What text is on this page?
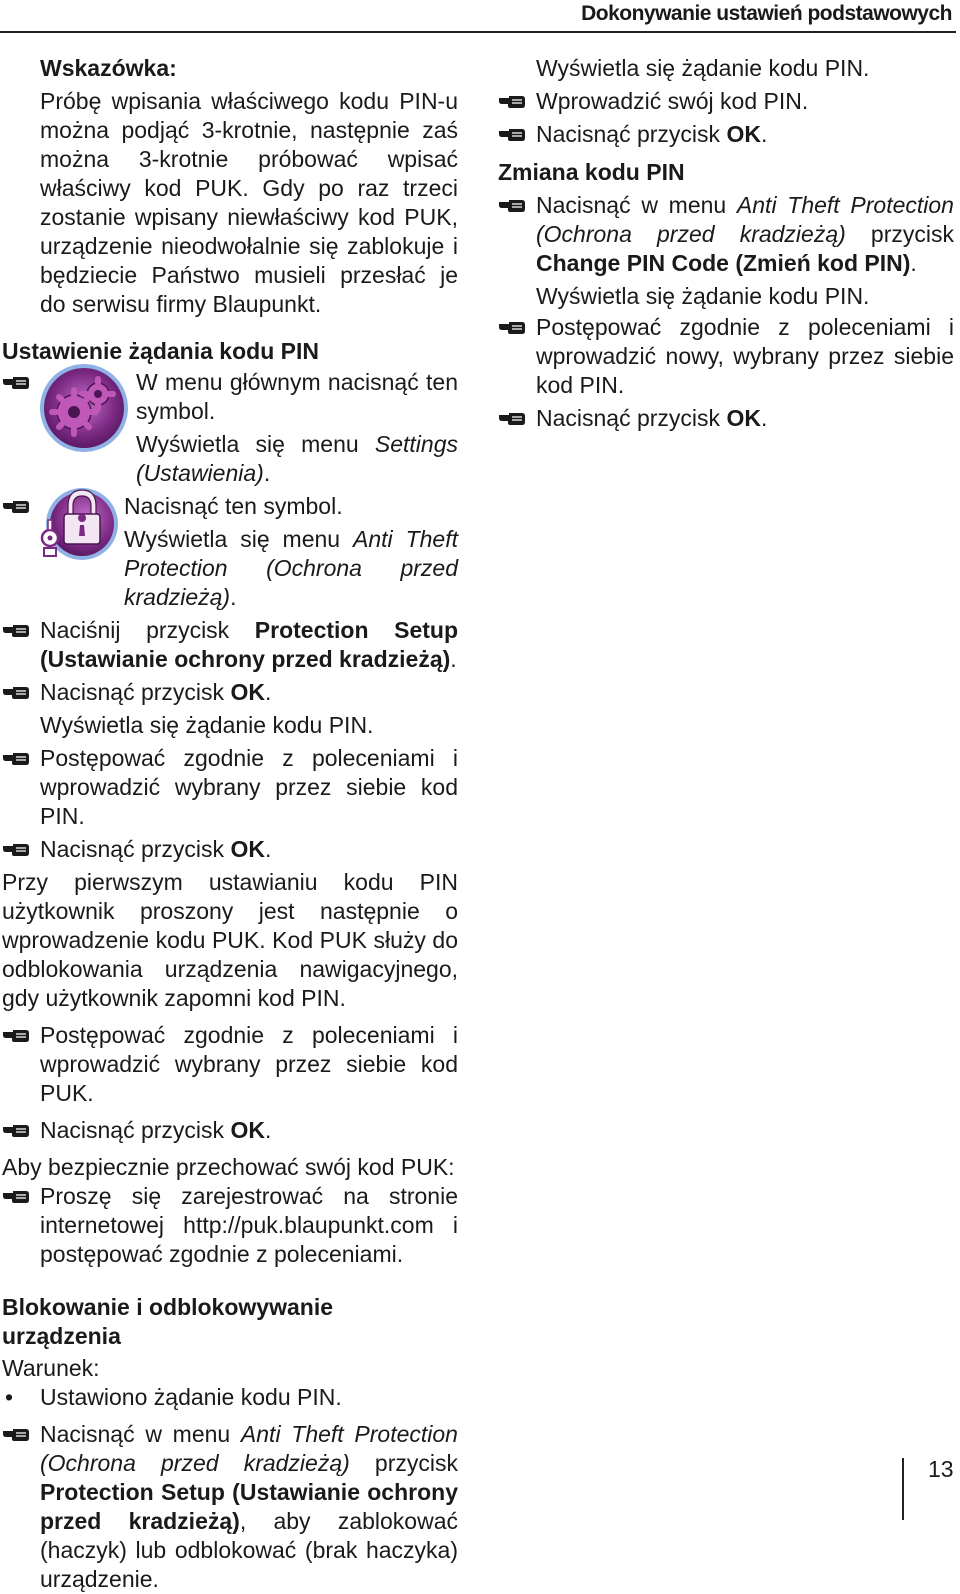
Dokonywanie ustawień podstawowych

Wskazówka:

Próbę wpisania właściwego kodu PIN-u można podjąć 3-krotnie, następnie zaś można 3-krotnie próbować wpisać właściwy kod PUK. Gdy po raz trzeci zostanie wpisany niewłaściwy kod PUK, urządzenie nieodwołalnie się zablokuje i będziecie Państwo musieli przesłać je do serwisu firmy Blaupunkt.

Ustawienie żądania kodu PIN

W menu głównym nacisnąć ten symbol.

Wyświetla się menu Settings (Ustawienia).

Nacisnąć ten symbol.

Wyświetla się menu Anti Theft Protection (Ochrona przed kradzieżą).

Naciśnij przycisk Protection Setup (Ustawianie ochrony przed kradzieżą).

Nacisnąć przycisk OK.

Wyświetla się żądanie kodu PIN.

Postępować zgodnie z poleceniami i wprowadzić wybrany przez siebie kod PIN.

Nacisnąć przycisk OK.

Przy pierwszym ustawianiu kodu PIN użytkownik proszony jest następnie o wprowadzenie kodu PUK. Kod PUK służy do odblokowania urządzenia nawigacyjnego, gdy użytkownik zapomni kod PIN.

Postępować zgodnie z poleceniami i wprowadzić wybrany przez siebie kod PUK.

Nacisnąć przycisk OK.

Aby bezpiecznie przechować swój kod PUK:

Proszę się zarejestrować na stronie internetowej http://puk.blaupunkt.com i postępować zgodnie z poleceniami.

Blokowanie i odblokowywanie urządzenia

Warunek:

• Ustawiono żądanie kodu PIN.

Nacisnąć w menu Anti Theft Protection (Ochrona przed kradzieżą) przycisk Protection Setup (Ustawianie ochrony przed kradzieżą), aby zablokować (haczyk) lub odblokować (brak haczyka) urządzenie.

Wyświetla się żądanie kodu PIN.

Wprowadzić swój kod PIN.

Nacisnąć przycisk OK.

Zmiana kodu PIN

Nacisnąć w menu Anti Theft Protection (Ochrona przed kradzieżą) przycisk Change PIN Code (Zmień kod PIN).

Wyświetla się żądanie kodu PIN.

Postępować zgodnie z poleceniami i wprowadzić nowy, wybrany przez siebie kod PIN.

Nacisnąć przycisk OK.

13
